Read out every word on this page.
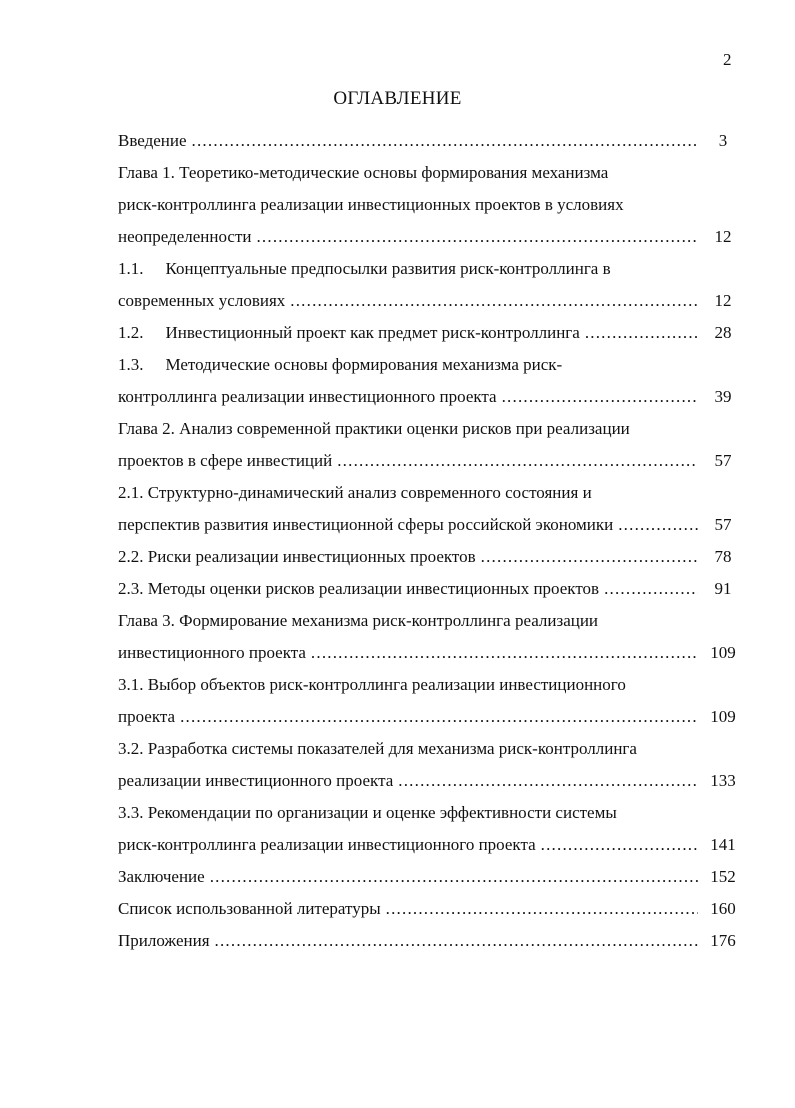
2
ОГЛАВЛЕНИЕ
Введение .....	3
Глава 1. Теоретико-методические основы формирования механизма
риск-контроллинга реализации инвестиционных проектов в условиях
неопределенности .....	12
1.1. Концептуальные предпосылки развития риск-контроллинга в
современных условиях .....	12
1.2. Инвестиционный проект как предмет риск-контроллинга .....	28
1.3. Методические основы формирования механизма риск-
контроллинга реализации инвестиционного проекта .....	39
Глава 2. Анализ современной практики оценки рисков при реализации
проектов в сфере инвестиций .....	57
2.1. Структурно-динамический анализ современного состояния и
перспектив развития инвестиционной сферы российской экономики .....	57
2.2. Риски реализации инвестиционных проектов .....	78
2.3. Методы оценки рисков реализации инвестиционных проектов .....	91
Глава 3. Формирование механизма риск-контроллинга реализации
инвестиционного проекта .....	109
3.1. Выбор объектов риск-контроллинга реализации инвестиционного
проекта .....	109
3.2. Разработка системы показателей для механизма риск-контроллинга
реализации инвестиционного проекта .....	133
3.3. Рекомендации по организации и оценке эффективности системы
риск-контроллинга реализации инвестиционного проекта .....	141
Заключение .....	152
Список использованной литературы .....	160
Приложения .....	176
